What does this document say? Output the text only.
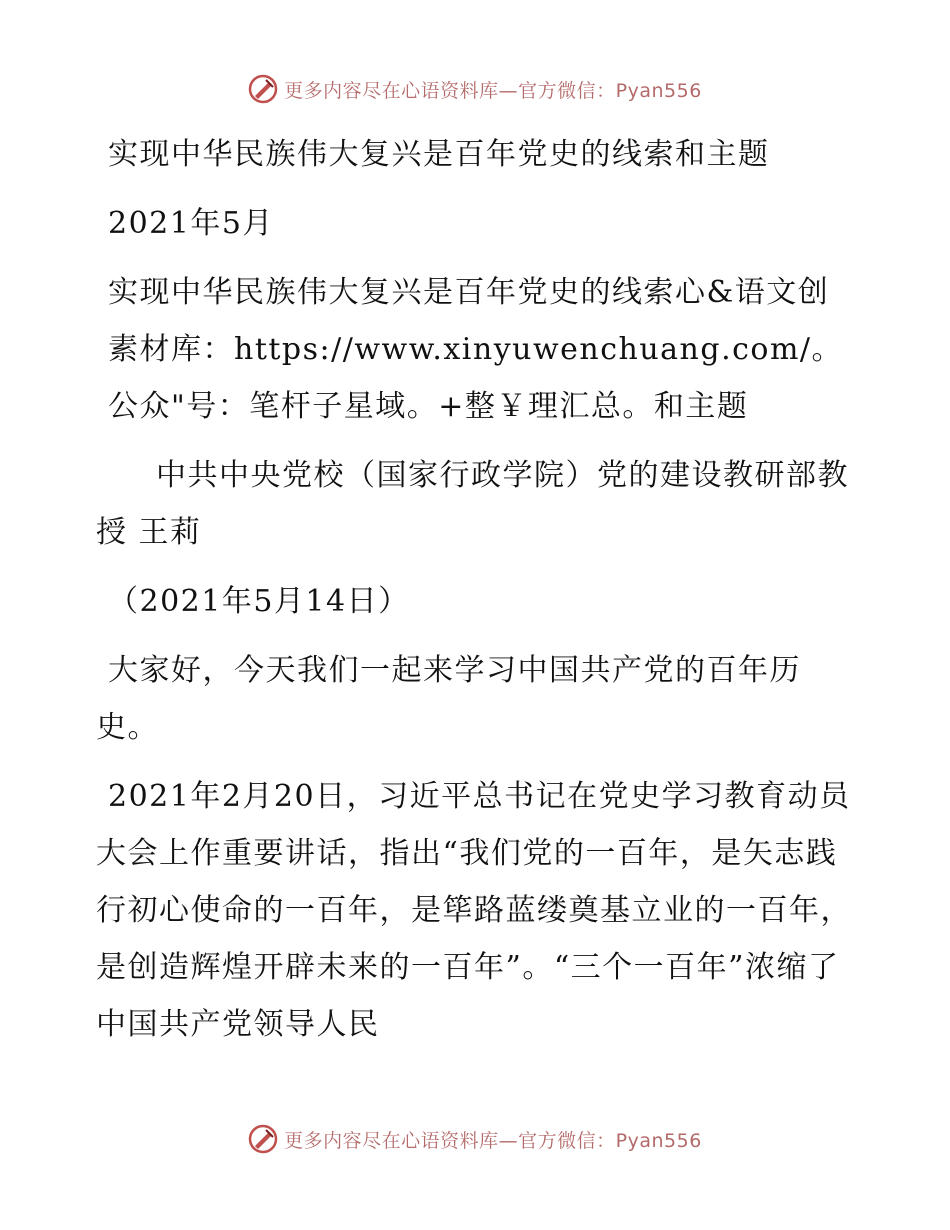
更多内容尽在心语资料库—官方微信：Pyan556
实现中华民族伟大复兴是百年党史的线索和主题
2021年5月
实现中华民族伟大复兴是百年党史的线索心&语文创素材库：https://www.xinyuwenchuang.com/。公众"号：笔杆子星域。+整￥理汇总。和主题
中共中央党校（国家行政学院）党的建设教研部教授 王莉
（2021年5月14日）
大家好，今天我们一起来学习中国共产党的百年历史。
2021年2月20日，习近平总书记在党史学习教育动员大会上作重要讲话，指出“我们党的一百年，是矢志践行初心使命的一百年，是筚路蓝缕奠基立业的一百年，是创造辉煌开辟未来的一百年”。“三个一百年”浓缩了中国共产党领导人民
更多内容尽在心语资料库—官方微信：Pyan556
